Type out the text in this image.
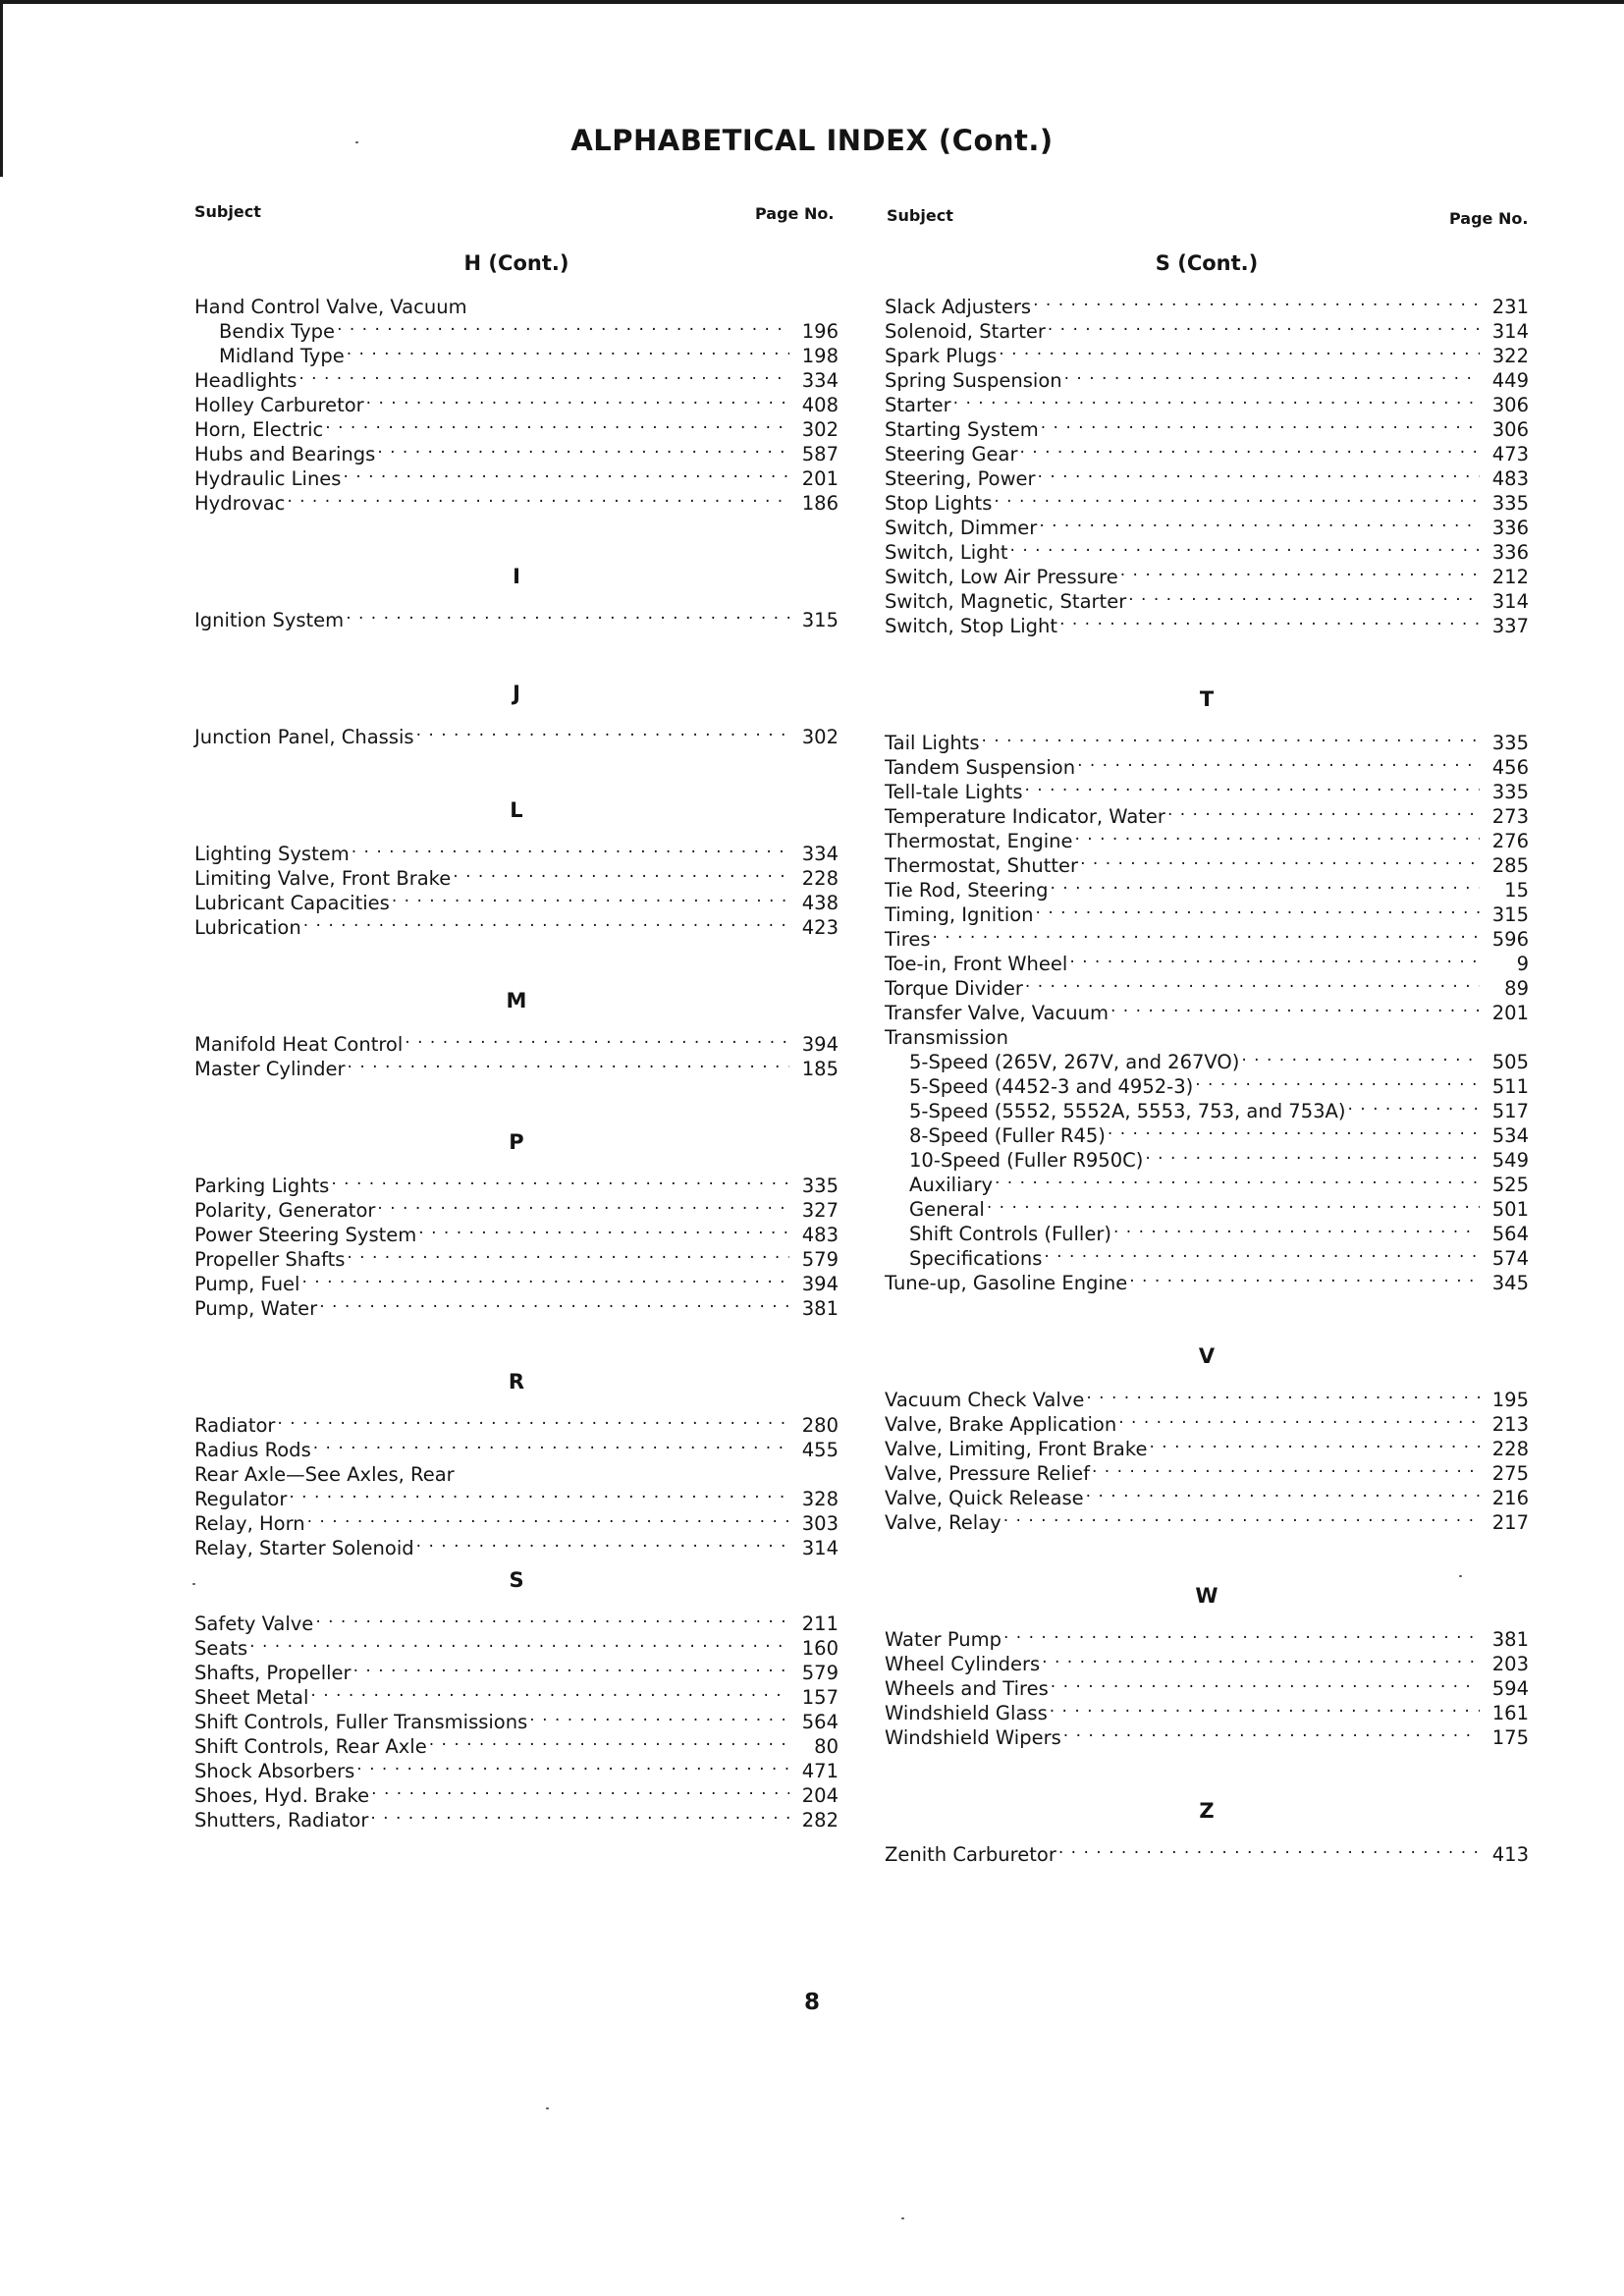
ALPHABETICAL INDEX (Cont.)
Subject	Page No.	Subject	Page No.
H (Cont.)
Hand Control Valve, Vacuum
Bendix Type . . .	196
Midland Type . . .	198
Headlights . . .	334
Holley Carburetor . . .	408
Horn, Electric . . .	302
Hubs and Bearings . . .	587
Hydraulic Lines . . .	201
Hydrovac . . .	186
I
Ignition System . . .	315
J
Junction Panel, Chassis . . .	302
L
Lighting System . . .	334
Limiting Valve, Front Brake . . .	228
Lubricant Capacities . . .	438
Lubrication . . .	423
M
Manifold Heat Control . . .	394
Master Cylinder . . .	185
P
Parking Lights . . .	335
Polarity, Generator . . .	327
Power Steering System . . .	483
Propeller Shafts . . .	579
Pump, Fuel . . .	394
Pump, Water . . .	381
R
Radiator . . .	280
Radius Rods . . .	455
Rear Axle—See Axles, Rear
Regulator . . .	328
Relay, Horn . . .	303
Relay, Starter Solenoid . . .	314
S
Safety Valve . . .	211
Seats . . .	160
Shafts, Propeller . . .	579
Sheet Metal . . .	157
Shift Controls, Fuller Transmissions . . .	564
Shift Controls, Rear Axle . . .	80
Shock Absorbers . . .	471
Shoes, Hyd. Brake . . .	204
Shutters, Radiator . . .	282
S (Cont.)
Slack Adjusters . . .	231
Solenoid, Starter . . .	314
Spark Plugs . . .	322
Spring Suspension . . .	449
Starter . . .	306
Starting System . . .	306
Steering Gear . . .	473
Steering, Power . . .	483
Stop Lights . . .	335
Switch, Dimmer . . .	336
Switch, Light . . .	336
Switch, Low Air Pressure . . .	212
Switch, Magnetic, Starter . . .	314
Switch, Stop Light . . .	337
T
Tail Lights . . .	335
Tandem Suspension . . .	456
Tell-tale Lights . . .	335
Temperature Indicator, Water . . .	273
Thermostat, Engine . . .	276
Thermostat, Shutter . . .	285
Tie Rod, Steering . . .	15
Timing, Ignition . . .	315
Tires . . .	596
Toe-in, Front Wheel . . .	9
Torque Divider . . .	89
Transfer Valve, Vacuum . . .	201
Transmission
5-Speed (265V, 267V, and 267VO) . . .	505
5-Speed (4452-3 and 4952-3) . . .	511
5-Speed (5552, 5552A, 5553, 753, and 753A) . . .	517
8-Speed (Fuller R45) . . .	534
10-Speed (Fuller R950C) . . .	549
Auxiliary . . .	525
General . . .	501
Shift Controls (Fuller) . . .	564
Specifications . . .	574
Tune-up, Gasoline Engine . . .	345
V
Vacuum Check Valve . . .	195
Valve, Brake Application . . .	213
Valve, Limiting, Front Brake . . .	228
Valve, Pressure Relief . . .	275
Valve, Quick Release . . .	216
Valve, Relay . . .	217
W
Water Pump . . .	381
Wheel Cylinders . . .	203
Wheels and Tires . . .	594
Windshield Glass . . .	161
Windshield Wipers . . .	175
Z
Zenith Carburetor . . .	413
8
